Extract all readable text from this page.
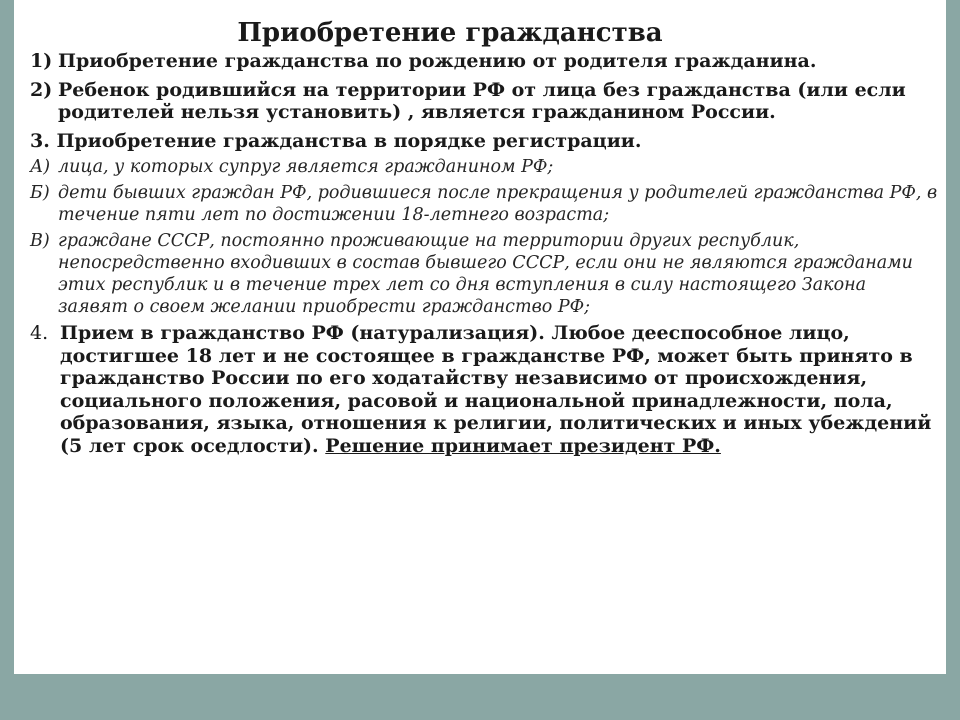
Приобретение гражданства
1) Приобретение гражданства по рождению от родителя гражданина.
2) Ребенок родившийся на территории РФ от лица без гражданства (или если родителей нельзя установить) , является гражданином России.
3. Приобретение гражданства в порядке регистрации.
А) лица, у которых супруг является гражданином РФ;
Б) дети бывших граждан РФ, родившиеся после прекращения у родителей гражданства РФ, в течение пяти лет по достижении 18-летнего возраста;
В) граждане СССР, постоянно проживающие на территории других республик, непосредственно входивших в состав бывшего СССР, если они не являются гражданами этих республик и в течение трех лет со дня вступления в силу настоящего Закона заявят о своем желании приобрести гражданство РФ;
4. Прием в гражданство РФ (натурализация). Любое дееспособное лицо, достигшее 18 лет и не состоящее в гражданстве РФ, может быть принято в гражданство России по его ходатайству независимо от происхождения, социального положения, расовой и национальной принадлежности, пола, образования, языка, отношения к религии, политических и иных убеждений (5 лет срок оседлости). Решение принимает президент РФ.
